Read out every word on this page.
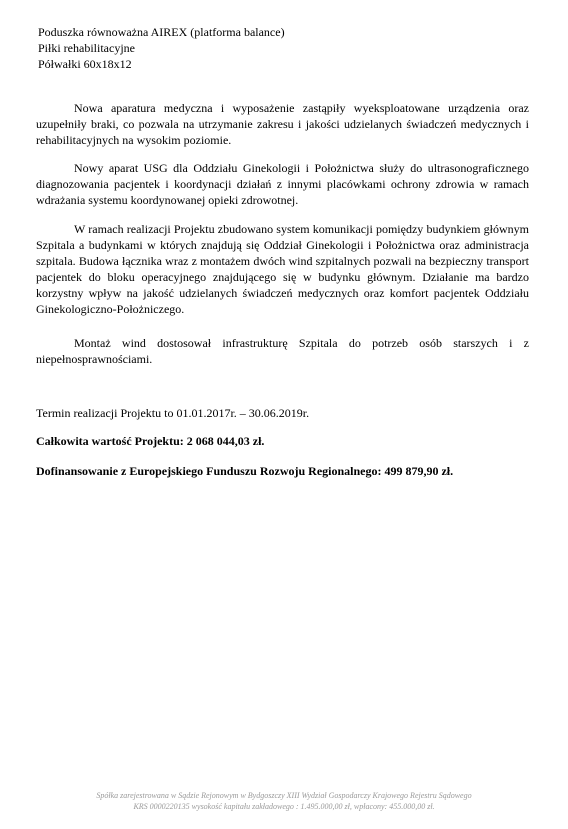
Poduszka równoważna AIREX (platforma balance)
Piłki rehabilitacyjne
Półwałki 60x18x12

Nowa aparatura medyczna i wyposażenie zastąpiły wyeksploatowane urządzenia oraz uzupełniły braki, co pozwala na utrzymanie zakresu i jakości udzielanych świadczeń medycznych i rehabilitacyjnych na wysokim poziomie.

Nowy aparat USG dla Oddziału Ginekologii i Położnictwa służy do ultrasonograficznego diagnozowania pacjentek i koordynacji działań z innymi placówkami ochrony zdrowia w ramach wdrażania systemu koordynowanej opieki zdrowotnej.

W ramach realizacji Projektu zbudowano system komunikacji pomiędzy budynkiem głównym Szpitala a budynkami w których znajdują się Oddział Ginekologii i Położnictwa oraz administracja szpitala. Budowa łącznika wraz z montażem dwóch wind szpitalnych pozwali na bezpieczny transport pacjentek do bloku operacyjnego znajdującego się w budynku głównym. Działanie ma bardzo korzystny wpływ na jakość udzielanych świadczeń medycznych oraz komfort pacjentek Oddziału Ginekologiczno-Położniczego.

Montaż wind dostosował infrastrukturę Szpitala do potrzeb osób starszych i z niepełnosprawnościami.

Termin realizacji Projektu to 01.01.2017r. – 30.06.2019r.
Całkowita wartość Projektu: 2 068 044,03 zł.
Dofinansowanie z Europejskiego Funduszu Rozwoju Regionalnego: 499 879,90 zł.
Spółka zarejestrowana w Sądzie Rejonowym w Bydgoszczy XIII Wydział Gospodarczy Krajowego Rejestru Sądowego
KRS 0000220135 wysokość kapitału zakładowego : 1.495.000,00 zł, wpłacony: 455.000,00 zł.
